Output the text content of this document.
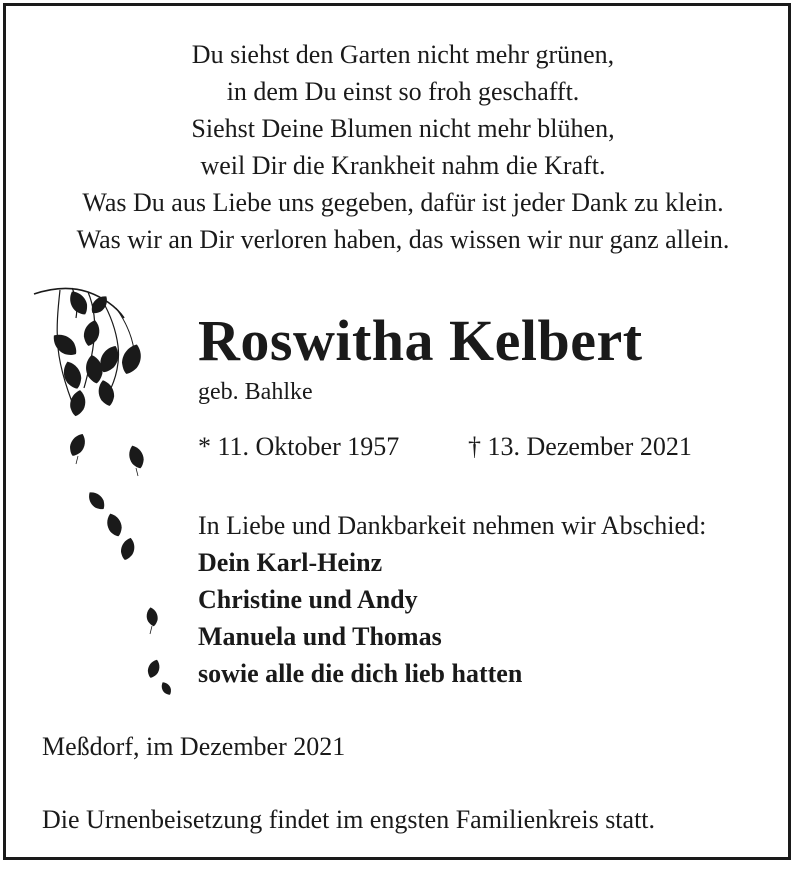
Du siehst den Garten nicht mehr grünen,
in dem Du einst so froh geschafft.
Siehst Deine Blumen nicht mehr blühen,
weil Dir die Krankheit nahm die Kraft.
Was Du aus Liebe uns gegeben, dafür ist jeder Dank zu klein.
Was wir an Dir verloren haben, das wissen wir nur ganz allein.
Roswitha Kelbert
geb. Bahlke
* 11. Oktober 1957	† 13. Dezember 2021
In Liebe und Dankbarkeit nehmen wir Abschied:
Dein Karl-Heinz
Christine und Andy
Manuela und Thomas
sowie alle die dich lieb hatten
Meßdorf, im Dezember 2021
Die Urnenbeisetzung findet im engsten Familienkreis statt.
